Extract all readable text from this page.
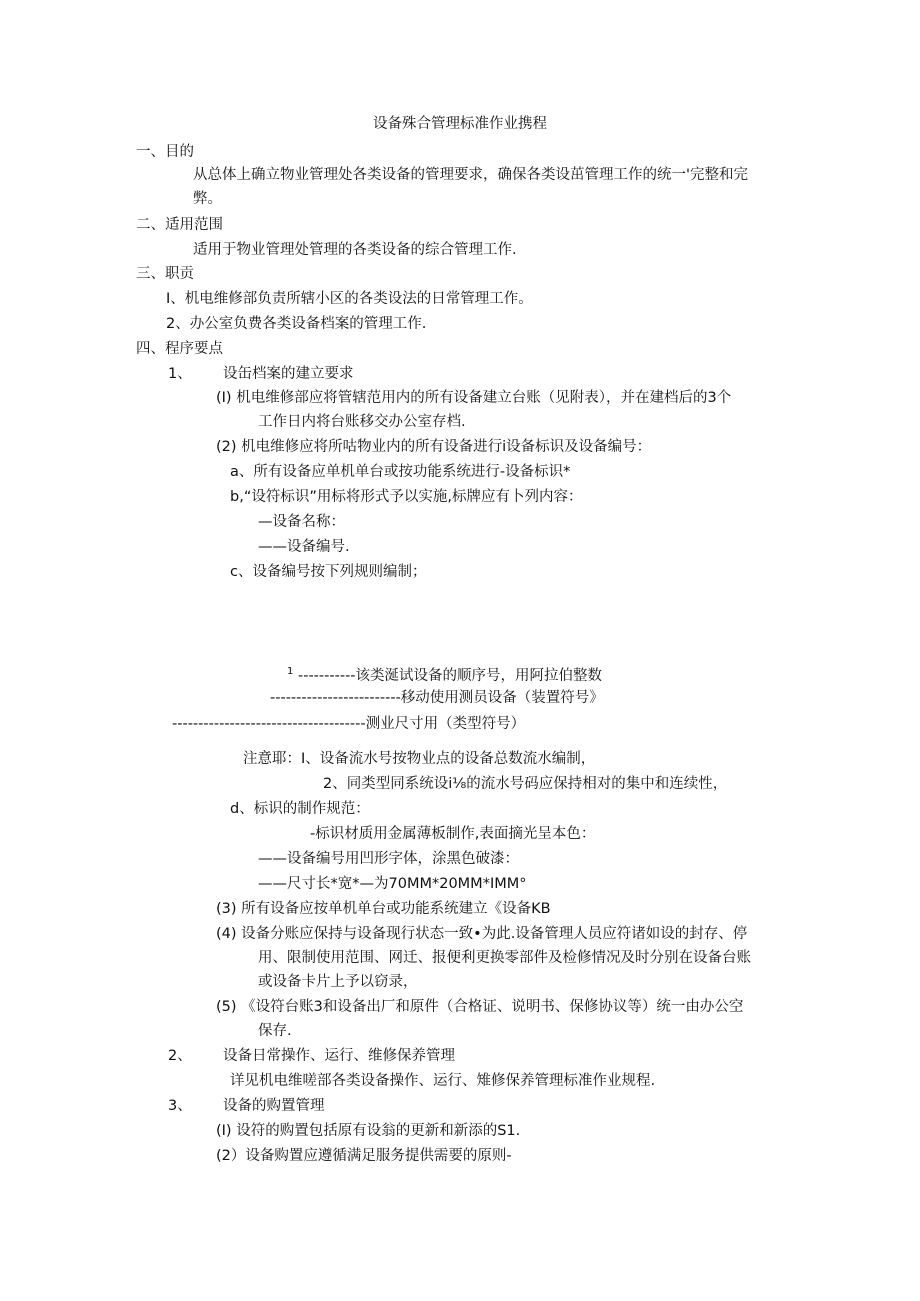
设备殊合管理标准作业携程
一、目的
从总体上确立物业管理处各类设备的管理要求，确保各类设茁管理工作的统一'完整和完
弊。
二、适用范围
适用于物业管理处管理的各类设备的综合管理工作.
三、职贡
I、机电维修部负责所辖小区的各类设法的日常管理工作。
2、办公室负费各类设备档案的管理工作.
四、程序要点
1、 设缶档案的建立要求
(I) 机电维修部应将管辖范用内的所有设备建立台账（见附表），并在建档后的3个
工作日内将台账移交办公室存档.
(2) 机电维修应将所咕物业内的所有设备进行i设备标识及设备编号：
a、所有设备应单机单台或按功能系统进行-设备标识*
b,“设符标识”用标将形式予以实施,标牌应有卜列内容：
—设备名称：
——设备编号.
c、设备编号按下列规则编制；
$^1$ -----------该类涎试设备的顺序号，用阿拉伯整数
-------------------------移动使用测员设备（装置符号》
-------------------------------------测业尺寸用（类型符号）
注意耶：I、设备流水号按物业点的设备总数流水编制，
2、同类型同系统设i⅛的流水号码应保持相对的集中和连续性，
d、标识的制作规范：
-标识材质用金属薄板制作,表面摘光呈本色：
——设备编号用凹形字体，涂黑色破漆：
——尺寸长*宽*—为70MM*20MM*IMM°
(3) 所有设备应按单机单台或功能系统建立《设备KB
(4) 设备分账应保持与设备现行状态一致•为此.设备管理人员应符诸如设的封存、停
用、限制使用范围、网迁、报便利更换零部件及检修情况及时分别在设备台账
或设备卡片上予以窃录，
(5) 《设符台账3和设备出厂和原件（合格证、说明书、保修协议等）统一由办公空
保存.
2、 设备日常操作、运行、维修保养管理
详见机电维嗟部各类设备操作、运行、雉修保养管理标准作业规程.
3、 设备的购置管理
(I) 设符的购置包括原有设翁的更新和新添的S1.
(2）设备购置应遵循满足服务提供需要的原则-
